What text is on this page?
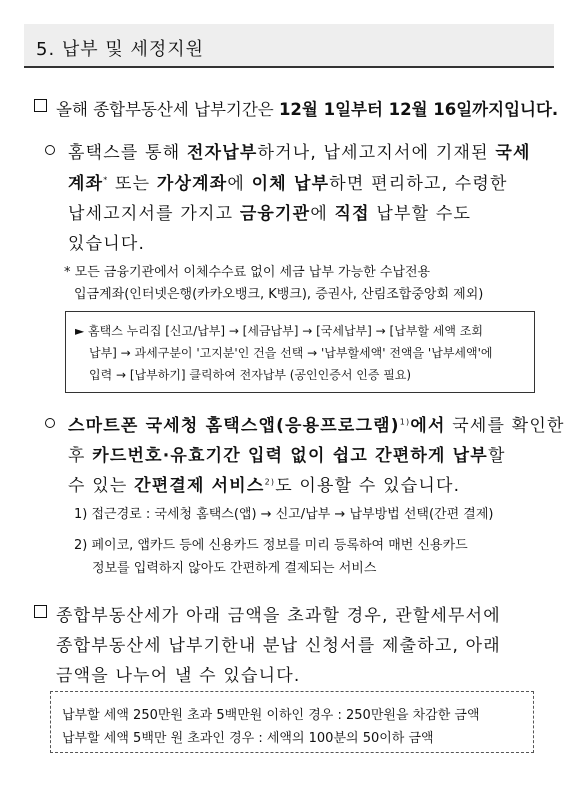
5. 납부 및 세정지원
올해 종합부동산세 납부기간은 12월 1일부터 12월 16일까지입니다.
홈택스를 통해 전자납부하거나, 납세고지서에 기재된 국세
계좌* 또는 가상계좌에 이체 납부하면 편리하고, 수령한
납세고지서를 가지고 금융기관에 직접 납부할 수도
있습니다.
* 모든 금융기관에서 이체수수료 없이 세금 납부 가능한 수납전용
입금계좌(인터넷은행(카카오뱅크, K뱅크), 증권사, 산림조합중앙회 제외)
► 홈택스 누리집 [신고/납부] → [세금납부] → [국세납부] → [납부할 세액 조회
납부] → 과세구분이 '고지분'인 건을 선택 → '납부할세액' 전액을 '납부세액'에
입력 → [납부하기] 클릭하여 전자납부 (공인인증서 인증 필요)
스마트폰 국세청 홈택스앱(응용프로그램)$^{1)}$에서 국세를 확인한
후 카드번호·유효기간 입력 없이 쉽고 간편하게 납부할
수 있는 간편결제 서비스$^{2)}$도 이용할 수 있습니다.
1) 접근경로 : 국세청 홈택스(앱) → 신고/납부 → 납부방법 선택(간편 결제)
2) 페이코, 앱카드 등에 신용카드 정보를 미리 등록하여 매번 신용카드
정보를 입력하지 않아도 간편하게 결제되는 서비스
종합부동산세가 아래 금액을 초과할 경우, 관할세무서에
종합부동산세 납부기한내 분납 신청서를 제출하고, 아래
금액을 나누어 낼 수 있습니다.
납부할 세액 250만원 초과 5백만원 이하인 경우 : 250만원을 차감한 금액
납부할 세액 5백만 원 초과인 경우 : 세액의 100분의 50이하 금액
